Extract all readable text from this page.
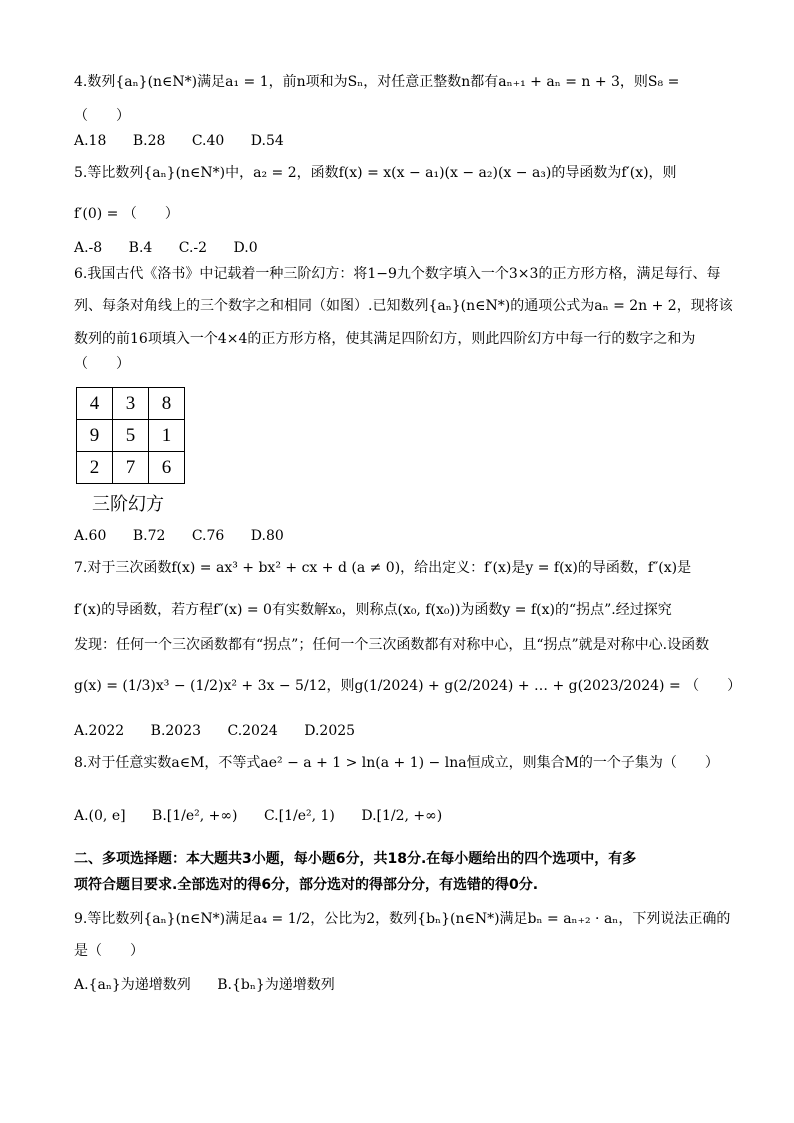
4.数列{aₙ}(n∈N*)满足a₁ = 1，前n项和为Sₙ，对任意正整数n都有aₙ₊₁ + aₙ = n + 3，则S₈ =
（　　）
A.18 B.28 C.40 D.54
5.等比数列{aₙ}(n∈N*)中，a₂ = 2，函数f(x) = x(x − a₁)(x − a₂)(x − a₃)的导函数为f′(x)，则
f′(0) = （　　）
A.-8 B.4 C.-2 D.0
6.我国古代《洛书》中记载着一种三阶幻方：将1−9九个数字填入一个3×3的正方形方格，满足每行、每
列、每条对角线上的三个数字之和相同（如图）.已知数列{aₙ}(n∈N*)的通项公式为aₙ = 2n + 2，现将该
数列的前16项填入一个4×4的正方形方格，使其满足四阶幻方，则此四阶幻方中每一行的数字之和为
（　　）
4	3	8
9	5	1
2	7	6
三阶幻方
A.60 B.72 C.76 D.80
7.对于三次函数f(x) = ax³ + bx² + cx + d (a ≠ 0)，给出定义：f′(x)是y = f(x)的导函数，f″(x)是
f′(x)的导函数，若方程f″(x) = 0有实数解x₀，则称点(x₀, f(x₀))为函数y = f(x)的“拐点”.经过探究
发现：任何一个三次函数都有“拐点”；任何一个三次函数都有对称中心，且“拐点”就是对称中心.设函数
g(x) = (1/3)x³ − (1/2)x² + 3x − 5/12，则g(1/2024) + g(2/2024) + … + g(2023/2024) = （　　）
A.2022 B.2023 C.2024 D.2025
8.对于任意实数a∈M，不等式ae² − a + 1 > ln(a + 1) − lna恒成立，则集合M的一个子集为（　　）
A.(0, e] B.[1/e², +∞) C.[1/e², 1) D.[1/2, +∞)
二、多项选择题：本大题共3小题，每小题6分，共18分.在每小题给出的四个选项中，有多
项符合题目要求.全部选对的得6分，部分选对的得部分分，有选错的得0分.
9.等比数列{aₙ}(n∈N*)满足a₄ = 1/2，公比为2，数列{bₙ}(n∈N*)满足bₙ = aₙ₊₂ · aₙ，下列说法正确的
是（　　）
A.{aₙ}为递增数列 B.{bₙ}为递增数列
